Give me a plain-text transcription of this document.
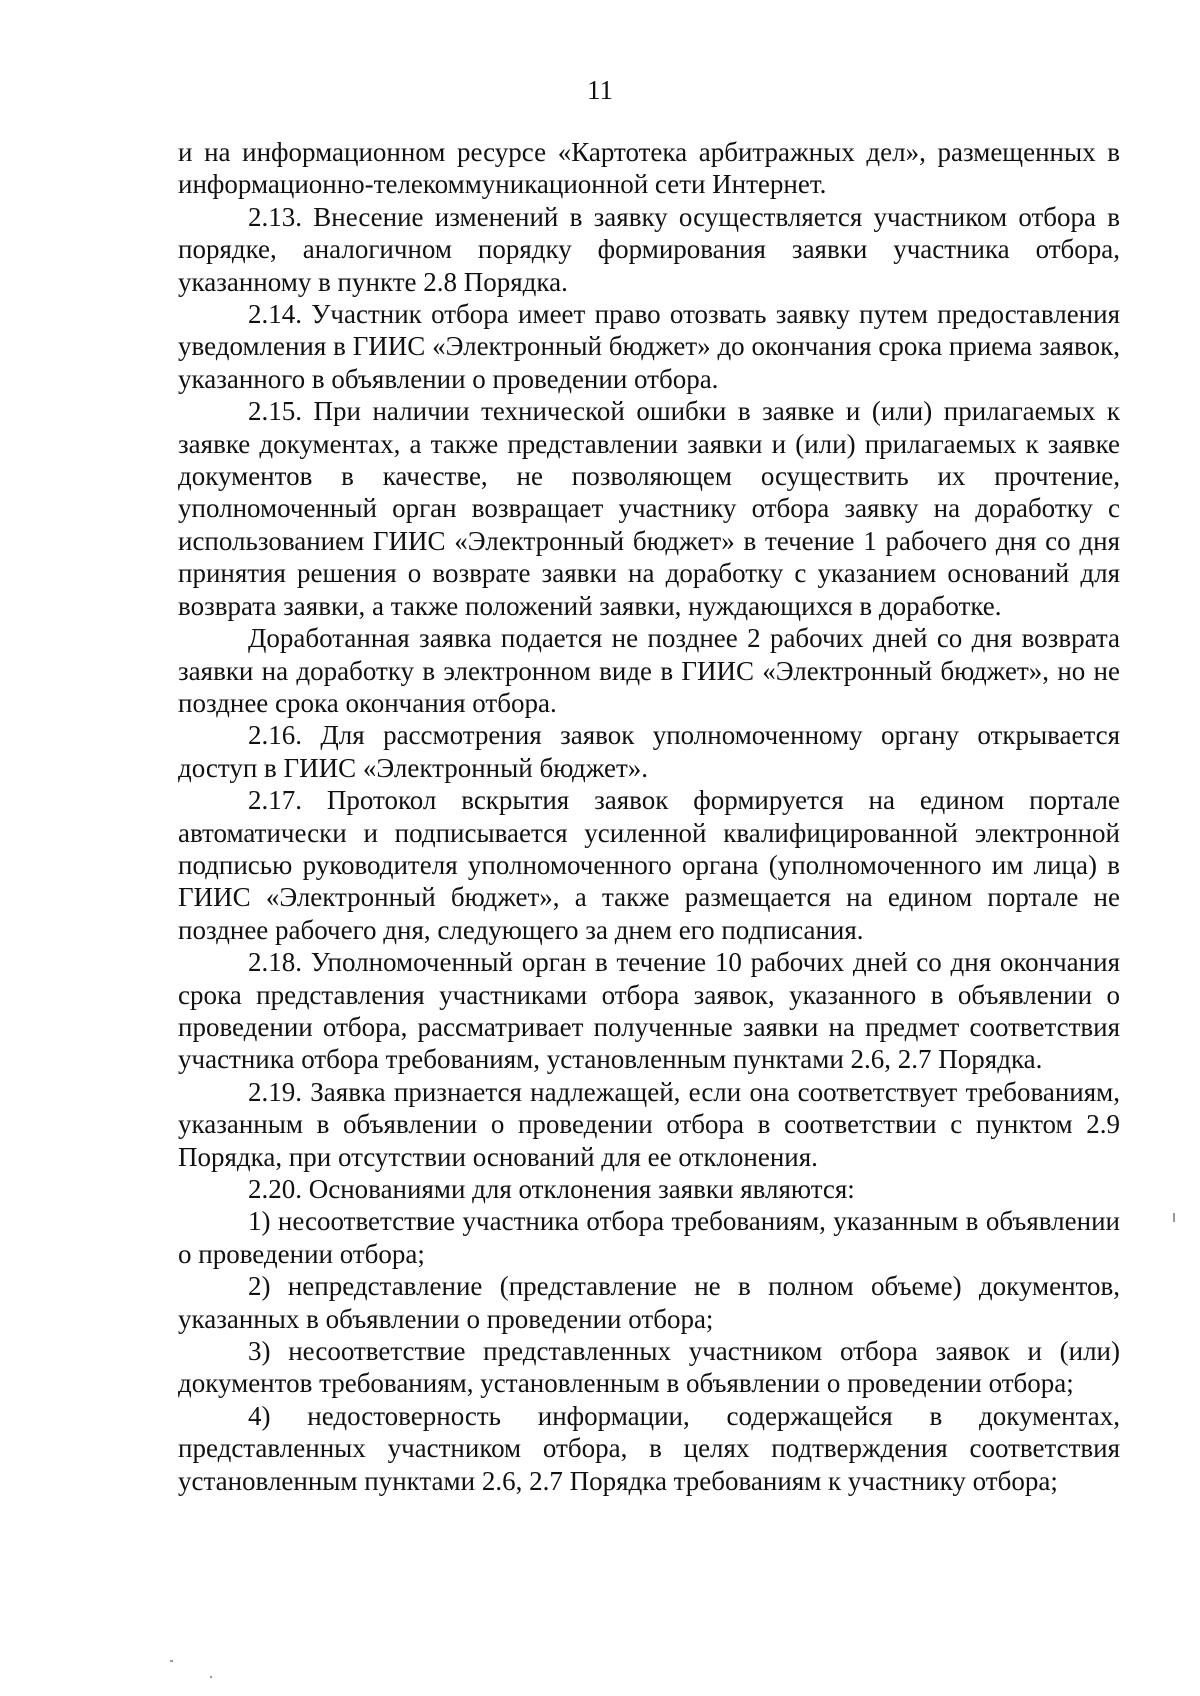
11

и на информационном ресурсе «Картотека арбитражных дел», размещенных в информационно-телекоммуникационной сети Интернет.

2.13. Внесение изменений в заявку осуществляется участником отбора в порядке, аналогичном порядку формирования заявки участника отбора, указанному в пункте 2.8 Порядка.

2.14. Участник отбора имеет право отозвать заявку путем предоставления уведомления в ГИИС «Электронный бюджет» до окончания срока приема заявок, указанного в объявлении о проведении отбора.

2.15. При наличии технической ошибки в заявке и (или) прилагаемых к заявке документах, а также представлении заявки и (или) прилагаемых к заявке документов в качестве, не позволяющем осуществить их прочтение, уполномоченный орган возвращает участнику отбора заявку на доработку с использованием ГИИС «Электронный бюджет» в течение 1 рабочего дня со дня принятия решения о возврате заявки на доработку с указанием оснований для возврата заявки, а также положений заявки, нуждающихся в доработке.

Доработанная заявка подается не позднее 2 рабочих дней со дня возврата заявки на доработку в электронном виде в ГИИС «Электронный бюджет», но не позднее срока окончания отбора.

2.16. Для рассмотрения заявок уполномоченному органу открывается доступ в ГИИС «Электронный бюджет».

2.17. Протокол вскрытия заявок формируется на едином портале автоматически и подписывается усиленной квалифицированной электронной подписью руководителя уполномоченного органа (уполномоченного им лица) в ГИИС «Электронный бюджет», а также размещается на едином портале не позднее рабочего дня, следующего за днем его подписания.

2.18. Уполномоченный орган в течение 10 рабочих дней со дня окончания срока представления участниками отбора заявок, указанного в объявлении о проведении отбора, рассматривает полученные заявки на предмет соответствия участника отбора требованиям, установленным пунктами 2.6, 2.7 Порядка.

2.19. Заявка признается надлежащей, если она соответствует требованиям, указанным в объявлении о проведении отбора в соответствии с пунктом 2.9 Порядка, при отсутствии оснований для ее отклонения.

2.20. Основаниями для отклонения заявки являются:

1) несоответствие участника отбора требованиям, указанным в объявлении о проведении отбора;

2) непредставление (представление не в полном объеме) документов, указанных в объявлении о проведении отбора;

3) несоответствие представленных участником отбора заявок и (или) документов требованиям, установленным в объявлении о проведении отбора;

4) недостоверность информации, содержащейся в документах, представленных участником отбора, в целях подтверждения соответствия установленным пунктами 2.6, 2.7 Порядка требованиям к участнику отбора;
